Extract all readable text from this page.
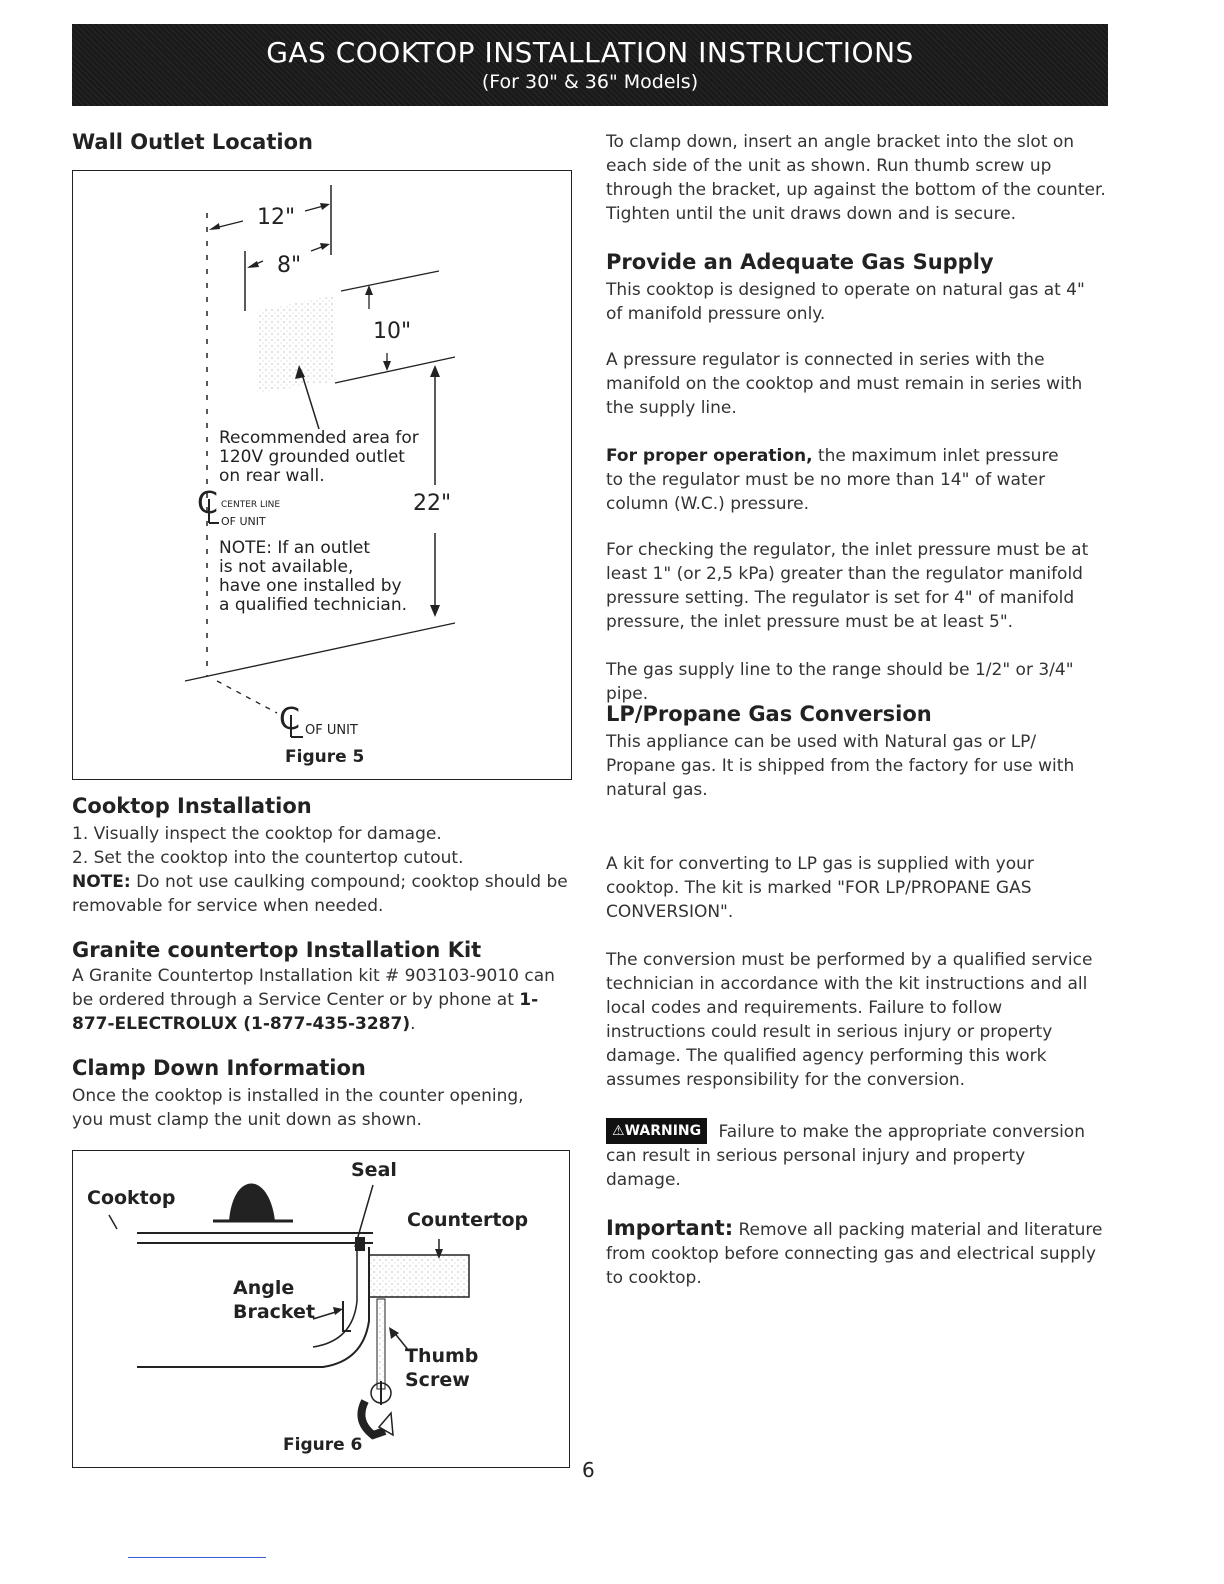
GAS COOKTOP INSTALLATION INSTRUCTIONS
(For 30" & 36" Models)
Wall Outlet Location
C
C
12"
8"
10"
22"
Recommended area for
120V grounded outlet
on rear wall.
CENTER LINE
OF UNIT
NOTE: If an outlet
is not available,
have one installed by
a qualified technician.
OF UNIT
Figure 5
Cooktop Installation

1. Visually inspect the cooktop for damage.

2. Set the cooktop into the countertop cutout.

NOTE: Do not use caulking compound; cooktop should be removable for service when needed.

Granite countertop Installation Kit
A Granite Countertop Installation kit # 903103-9010 can be ordered through a Service Center or by phone at 1-877-ELECTROLUX (1-877-435-3287).
Clamp Down Information
Once the cooktop is installed in the counter opening, you must clamp the unit down as shown.
Seal
Cooktop
Countertop
Angle
Bracket
Thumb
Screw
Figure 6
To clamp down, insert an angle bracket into the slot on each side of the unit as shown. Run thumb screw up through the bracket, up against the bottom of the counter. Tighten until the unit draws down and is secure.
Provide an Adequate Gas Supply
This cooktop is designed to operate on natural gas at 4" of manifold pressure only.
A pressure regulator is connected in series with the manifold on the cooktop and must remain in series with the supply line.
For proper operation, the maximum inlet pressure to the regulator must be no more than 14" of water column (W.C.) pressure.
For checking the regulator, the inlet pressure must be at least 1" (or 2,5 kPa) greater than the regulator manifold pressure setting. The regulator is set for 4" of manifold pressure, the inlet pressure must be at least 5".
The gas supply line to the range should be 1/2" or 3/4" pipe.
LP/Propane Gas Conversion
This appliance can be used with Natural gas or LP/ Propane gas. It is shipped from the factory for use with natural gas.
A kit for converting to LP gas is supplied with your cooktop. The kit is marked "FOR LP/PROPANE GAS CONVERSION".
The conversion must be performed by a qualified service technician in accordance with the kit instructions and all local codes and requirements. Failure to follow instructions could result in serious injury or property damage. The qualified agency performing this work assumes responsibility for the conversion.
⚠WARNING Failure to make the appropriate conversion can result in serious personal injury and property damage.
Important: Remove all packing material and literature from cooktop before connecting gas and electrical supply to cooktop.
6
